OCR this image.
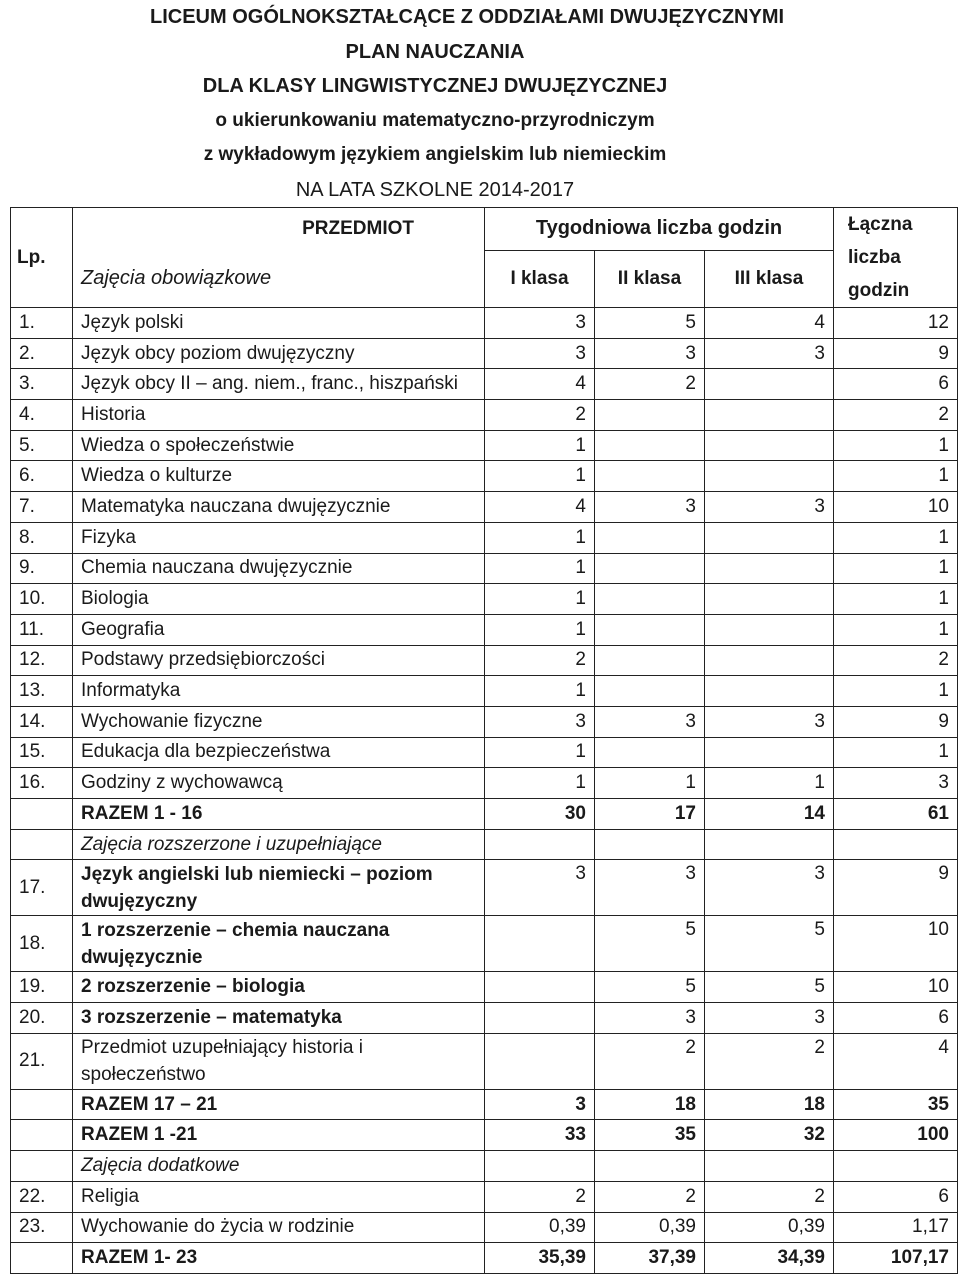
LICEUM OGÓLNOKSZTAŁCĄCE Z ODDZIAŁAMI DWUJĘZYCZNYMI
PLAN NAUCZANIA
DLA KLASY LINGWISTYCZNEJ DWUJĘZYCZNEJ
o ukierunkowaniu matematyczno-przyrodniczym
z wykładowym językiem angielskim lub niemieckim
NA LATA SZKOLNE 2014-2017
Lp.	PRZEDMIOT	Tygodniowa liczba godzin			Łączna liczba godzin
	Zajęcia obowiązkowe	I klasa	II klasa	III klasa	
1.	Język polski	3	5	4	12
2.	Język obcy poziom dwujęzyczny	3	3	3	9
3.	Język obcy II – ang. niem., franc., hiszpański	4	2		6
4.	Historia	2			2
5.	Wiedza o społeczeństwie	1			1
6.	Wiedza o kulturze	1			1
7.	Matematyka nauczana dwujęzycznie	4	3	3	10
8.	Fizyka	1			1
9.	Chemia nauczana dwujęzycznie	1			1
10.	Biologia	1			1
11.	Geografia	1			1
12.	Podstawy przedsiębiorczości	2			2
13.	Informatyka	1			1
14.	Wychowanie fizyczne	3	3	3	9
15.	Edukacja dla bezpieczeństwa	1			1
16.	Godziny z wychowawcą	1	1	1	3
	RAZEM 1 - 16	30	17	14	61
	Zajęcia rozszerzone i uzupełniające				
17.	Język angielski lub niemiecki – poziom dwujęzyczny	3	3	3	9
18.	1 rozszerzenie – chemia nauczana dwujęzycznie		5	5	10
19.	2 rozszerzenie – biologia		5	5	10
20.	3 rozszerzenie – matematyka		3	3	6
21.	Przedmiot uzupełniający historia i społeczeństwo		2	2	4
	RAZEM 17 – 21	3	18	18	35
	RAZEM 1 -21	33	35	32	100
	Zajęcia dodatkowe				
22.	Religia	2	2	2	6
23.	Wychowanie do życia w rodzinie	0,39	0,39	0,39	1,17
	RAZEM 1- 23	35,39	37,39	34,39	107,17
